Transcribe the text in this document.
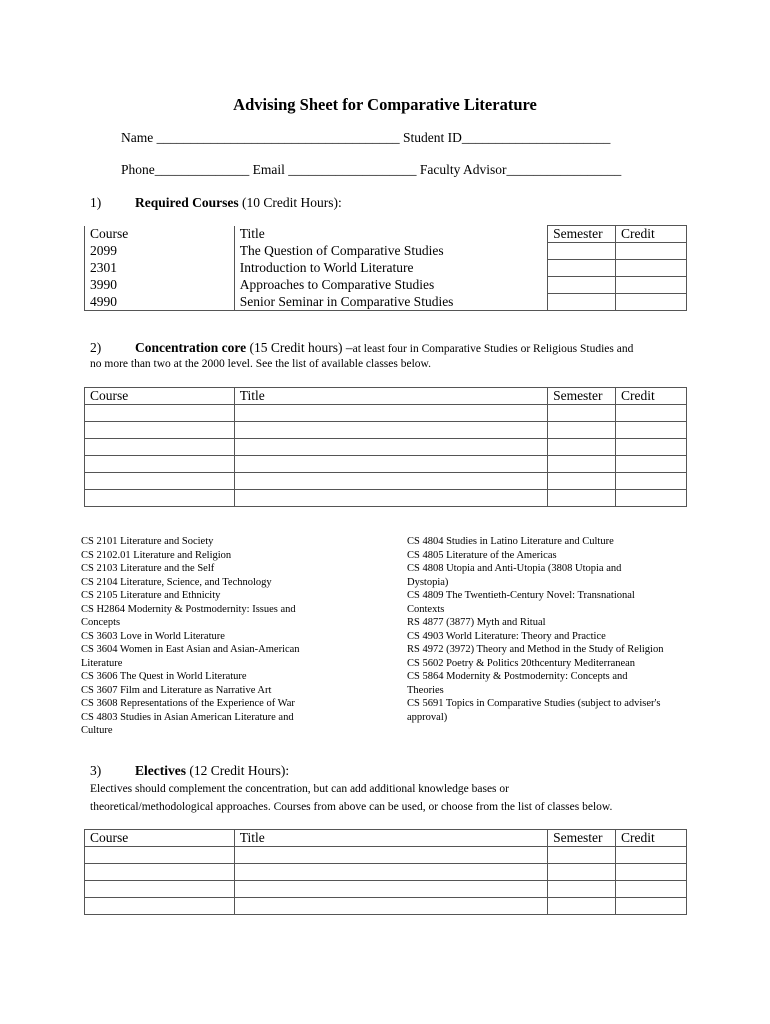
Advising Sheet for Comparative Literature
Name ____________________________________ Student ID______________________
Phone______________ Email ___________________ Faculty Advisor_________________
1)	Required Courses (10 Credit Hours):
Course	Title	Semester	Credit
2099	The Question of Comparative Studies		
2301	Introduction to World Literature		
3990	Approaches to Comparative Studies		
4990	Senior Seminar in Comparative Studies		
2)	Concentration core (15 Credit hours) –at least four in Comparative Studies or Religious Studies and
no more than two at the 2000 level. See the list of available classes below.
Course	Title	Semester	Credit

CS 2101 Literature and Society
CS 2102.01 Literature and Religion
CS 2103 Literature and the Self
CS 2104 Literature, Science, and Technology
CS 2105 Literature and Ethnicity
CS H2864 Modernity & Postmodernity: Issues and Concepts
CS 3603 Love in World Literature
CS 3604 Women in East Asian and Asian-American Literature
CS 3606 The Quest in World Literature
CS 3607 Film and Literature as Narrative Art
CS 3608 Representations of the Experience of War
CS 4803 Studies in Asian American Literature and Culture
CS 4804 Studies in Latino Literature and Culture
CS 4805 Literature of the Americas
CS 4808 Utopia and Anti-Utopia (3808 Utopia and Dystopia)
CS 4809 The Twentieth-Century Novel: Transnational Contexts
RS 4877 (3877) Myth and Ritual
CS 4903 World Literature: Theory and Practice
RS 4972 (3972) Theory and Method in the Study of Religion
CS 5602 Poetry & Politics 20thcentury Mediterranean
CS 5864 Modernity & Postmodernity: Concepts and Theories
CS 5691 Topics in Comparative Studies (subject to adviser's approval)
3)	Electives (12 Credit Hours):
Electives should complement the concentration, but can add additional knowledge bases or
theoretical/methodological approaches. Courses from above can be used, or choose from the list of classes below.
Course	Title	Semester	Credit
